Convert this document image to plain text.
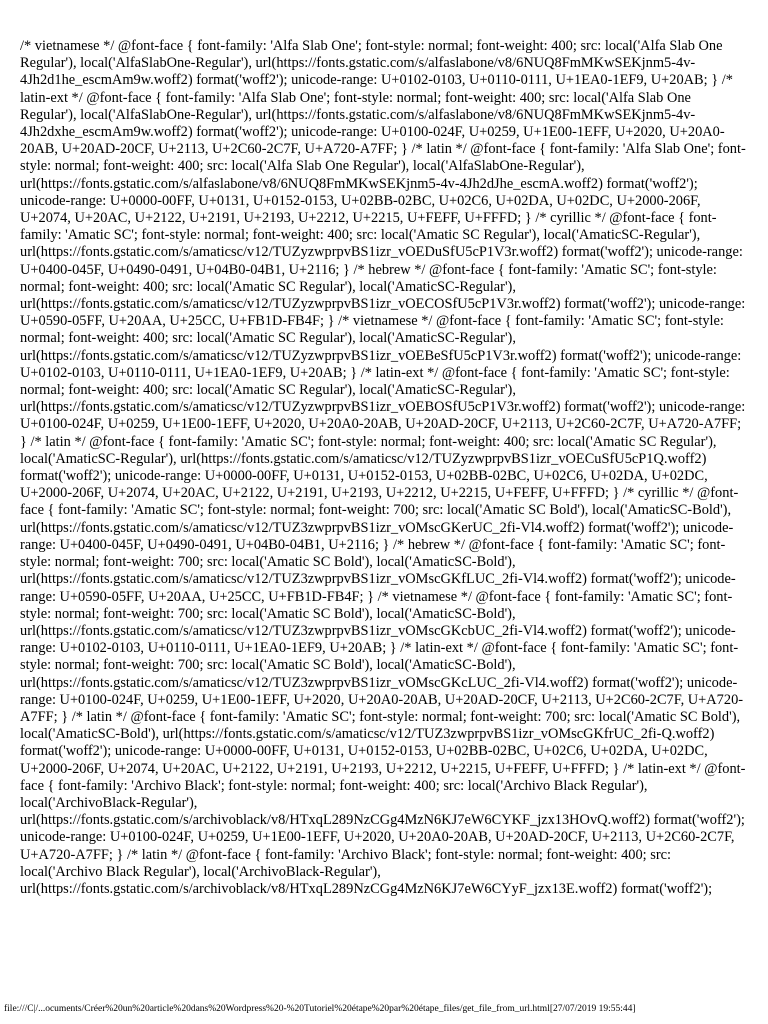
/* vietnamese */ @font-face { font-family: 'Alfa Slab One'; font-style: normal; font-weight: 400; src: local('Alfa Slab One Regular'), local('AlfaSlabOne-Regular'), url(https://fonts.gstatic.com/s/alfaslabone/v8/6NUQ8FmMKwSEKjnm5-4v-4Jh2d1he_escmAm9w.woff2) format('woff2'); unicode-range: U+0102-0103, U+0110-0111, U+1EA0-1EF9, U+20AB; } /* latin-ext */ @font-face { font-family: 'Alfa Slab One'; font-style: normal; font-weight: 400; src: local('Alfa Slab One Regular'), local('AlfaSlabOne-Regular'), url(https://fonts.gstatic.com/s/alfaslabone/v8/6NUQ8FmMKwSEKjnm5-4v-4Jh2dxhe_escmAm9w.woff2) format('woff2'); unicode-range: U+0100-024F, U+0259, U+1E00-1EFF, U+2020, U+20A0-20AB, U+20AD-20CF, U+2113, U+2C60-2C7F, U+A720-A7FF; } /* latin */ @font-face { font-family: 'Alfa Slab One'; font-style: normal; font-weight: 400; src: local('Alfa Slab One Regular'), local('AlfaSlabOne-Regular'), url(https://fonts.gstatic.com/s/alfaslabone/v8/6NUQ8FmMKwSEKjnm5-4v-4Jh2dJhe_escmA.woff2) format('woff2'); unicode-range: U+0000-00FF, U+0131, U+0152-0153, U+02BB-02BC, U+02C6, U+02DA, U+02DC, U+2000-206F, U+2074, U+20AC, U+2122, U+2191, U+2193, U+2212, U+2215, U+FEFF, U+FFFD; } /* cyrillic */ @font-face { font-family: 'Amatic SC'; font-style: normal; font-weight: 400; src: local('Amatic SC Regular'), local('AmaticSC-Regular'), url(https://fonts.gstatic.com/s/amaticsc/v12/TUZyzwprpvBS1izr_vOEDuSfU5cP1V3r.woff2) format('woff2'); unicode-range: U+0400-045F, U+0490-0491, U+04B0-04B1, U+2116; } /* hebrew */ @font-face { font-family: 'Amatic SC'; font-style: normal; font-weight: 400; src: local('Amatic SC Regular'), local('AmaticSC-Regular'), url(https://fonts.gstatic.com/s/amaticsc/v12/TUZyzwprpvBS1izr_vOECOSfU5cP1V3r.woff2) format('woff2'); unicode-range: U+0590-05FF, U+20AA, U+25CC, U+FB1D-FB4F; } /* vietnamese */ @font-face { font-family: 'Amatic SC'; font-style: normal; font-weight: 400; src: local('Amatic SC Regular'), local('AmaticSC-Regular'), url(https://fonts.gstatic.com/s/amaticsc/v12/TUZyzwprpvBS1izr_vOEBeSfU5cP1V3r.woff2) format('woff2'); unicode-range: U+0102-0103, U+0110-0111, U+1EA0-1EF9, U+20AB; } /* latin-ext */ @font-face { font-family: 'Amatic SC'; font-style: normal; font-weight: 400; src: local('Amatic SC Regular'), local('AmaticSC-Regular'), url(https://fonts.gstatic.com/s/amaticsc/v12/TUZyzwprpvBS1izr_vOEBOSfU5cP1V3r.woff2) format('woff2'); unicode-range: U+0100-024F, U+0259, U+1E00-1EFF, U+2020, U+20A0-20AB, U+20AD-20CF, U+2113, U+2C60-2C7F, U+A720-A7FF; } /* latin */ @font-face { font-family: 'Amatic SC'; font-style: normal; font-weight: 400; src: local('Amatic SC Regular'), local('AmaticSC-Regular'), url(https://fonts.gstatic.com/s/amaticsc/v12/TUZyzwprpvBS1izr_vOECuSfU5cP1Q.woff2) format('woff2'); unicode-range: U+0000-00FF, U+0131, U+0152-0153, U+02BB-02BC, U+02C6, U+02DA, U+02DC, U+2000-206F, U+2074, U+20AC, U+2122, U+2191, U+2193, U+2212, U+2215, U+FEFF, U+FFFD; } /* cyrillic */ @font-face { font-family: 'Amatic SC'; font-style: normal; font-weight: 700; src: local('Amatic SC Bold'), local('AmaticSC-Bold'), url(https://fonts.gstatic.com/s/amaticsc/v12/TUZ3zwprpvBS1izr_vOMscGKerUC_2fi-Vl4.woff2) format('woff2'); unicode-range: U+0400-045F, U+0490-0491, U+04B0-04B1, U+2116; } /* hebrew */ @font-face { font-family: 'Amatic SC'; font-style: normal; font-weight: 700; src: local('Amatic SC Bold'), local('AmaticSC-Bold'), url(https://fonts.gstatic.com/s/amaticsc/v12/TUZ3zwprpvBS1izr_vOMscGKfLUC_2fi-Vl4.woff2) format('woff2'); unicode-range: U+0590-05FF, U+20AA, U+25CC, U+FB1D-FB4F; } /* vietnamese */ @font-face { font-family: 'Amatic SC'; font-style: normal; font-weight: 700; src: local('Amatic SC Bold'), local('AmaticSC-Bold'), url(https://fonts.gstatic.com/s/amaticsc/v12/TUZ3zwprpvBS1izr_vOMscGKcbUC_2fi-Vl4.woff2) format('woff2'); unicode-range: U+0102-0103, U+0110-0111, U+1EA0-1EF9, U+20AB; } /* latin-ext */ @font-face { font-family: 'Amatic SC'; font-style: normal; font-weight: 700; src: local('Amatic SC Bold'), local('AmaticSC-Bold'), url(https://fonts.gstatic.com/s/amaticsc/v12/TUZ3zwprpvBS1izr_vOMscGKcLUC_2fi-Vl4.woff2) format('woff2'); unicode-range: U+0100-024F, U+0259, U+1E00-1EFF, U+2020, U+20A0-20AB, U+20AD-20CF, U+2113, U+2C60-2C7F, U+A720-A7FF; } /* latin */ @font-face { font-family: 'Amatic SC'; font-style: normal; font-weight: 700; src: local('Amatic SC Bold'), local('AmaticSC-Bold'), url(https://fonts.gstatic.com/s/amaticsc/v12/TUZ3zwprpvBS1izr_vOMscGKfrUC_2fi-Q.woff2) format('woff2'); unicode-range: U+0000-00FF, U+0131, U+0152-0153, U+02BB-02BC, U+02C6, U+02DA, U+02DC, U+2000-206F, U+2074, U+20AC, U+2122, U+2191, U+2193, U+2212, U+2215, U+FEFF, U+FFFD; } /* latin-ext */ @font-face { font-family: 'Archivo Black'; font-style: normal; font-weight: 400; src: local('Archivo Black Regular'), local('ArchivoBlack-Regular'), url(https://fonts.gstatic.com/s/archivoblack/v8/HTxqL289NzCGg4MzN6KJ7eW6CYKF_jzx13HOvQ.woff2) format('woff2'); unicode-range: U+0100-024F, U+0259, U+1E00-1EFF, U+2020, U+20A0-20AB, U+20AD-20CF, U+2113, U+2C60-2C7F, U+A720-A7FF; } /* latin */ @font-face { font-family: 'Archivo Black'; font-style: normal; font-weight: 400; src: local('Archivo Black Regular'), local('ArchivoBlack-Regular'), url(https://fonts.gstatic.com/s/archivoblack/v8/HTxqL289NzCGg4MzN6KJ7eW6CYyF_jzx13E.woff2) format('woff2');

file:///C|/...ocuments/Créer%20un%20article%20dans%20Wordpress%20-%20Tutoriel%20étape%20par%20étape_files/get_file_from_url.html[27/07/2019 19:55:44]
